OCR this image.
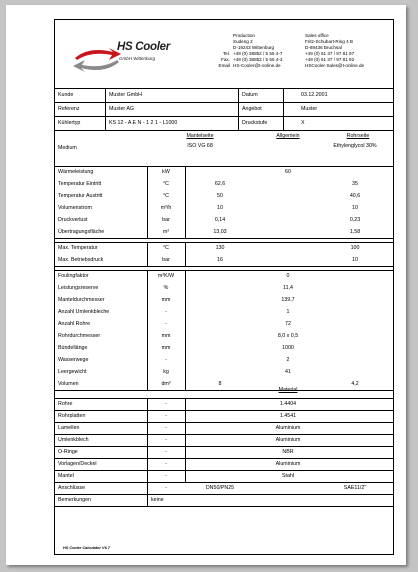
HS Cooler
GmbH Wittenburg
Production
Sudeng 2
D-19243 Wittenburg
Tel. +49 (0) 38852 / 5 55 4-7
Fax. +49 (0) 38852 / 5 55 4-3
Email HS-Cooler@t-online.de
Sales office
Fritz-Schubart-Ring 4 B
D-69436 Bruchsal
+49 (0) 61 37 / 97 81 97
+49 (0) 61 37 / 97 81 92
HSCooler-Sales@t-online.de
Kunde	Muster GmbH	Datum	03.12.2001
Referenz	Muster AG	Angebot	Muster
Kühlertyp	KS 12 - A E N - 1 2 1 - L1000	Druckstufe	X
Mantelseite	Allgemein	Rohrseite
Medium	ISO VG 68	Ethylenglycol 30%
Material
Anschlüsse	-	DN50/PN25	SAE11/2"
Bemerkungen	keine
Wärmeleistung	kW	60
Temperatur Eintritt	°C	62,6	35
Temperatur Austritt	°C	50	40,6
Volumenstrom	m³/h	10	10
Druckverlust	bar	0,14	0,23
Übertragungsfläche	m²	13,03	1,58
Max. Temperatur	°C	130	100
Max. Betriebsdruck	bar	16	10
Foulingfaktor	m²K/W	0
Leistungsreserve	%	11,4
Manteldurchmesser	mm	139,7
Anzahl Umlenkbleche	-	1
Anzahl Rohre	-	72
Rohrdurchmesser	mm	8,0 x 0,5
Bündellänge	mm	1000
Wasserwege	-	2
Leergewicht	kg	41
Volumen	dm³	8	4,2
Rohre	-	1.4404
Rohrplatten	-	1.4541
Lamellen	-	Aluminium
Umlenkblech	-	Aluminium
O-Ringe	-	NBR
Vorlagen/Deckel	-	Aluminium
Mantel	-	Stahl
HS Cooler Calculator V6.7
